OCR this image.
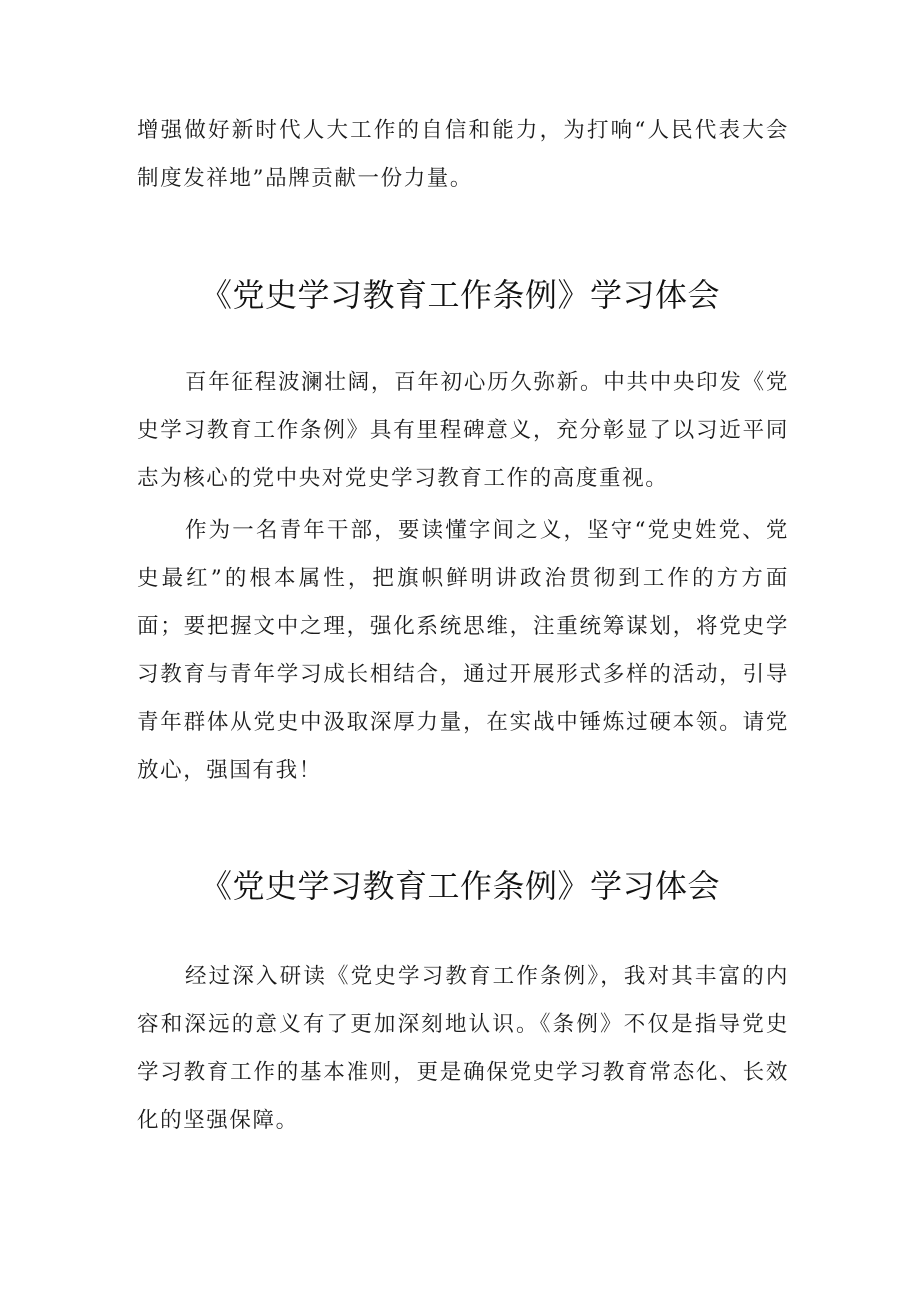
增强做好新时代人大工作的自信和能力，为打响“人民代表大会制度发祥地”品牌贡献一份力量。

《党史学习教育工作条例》学习体会

百年征程波澜壮阔，百年初心历久弥新。中共中央印发《党史学习教育工作条例》具有里程碑意义，充分彰显了以习近平同志为核心的党中央对党史学习教育工作的高度重视。

作为一名青年干部，要读懂字间之义，坚守“党史姓党、党史最红”的根本属性，把旗帜鲜明讲政治贯彻到工作的方方面面；要把握文中之理，强化系统思维，注重统筹谋划，将党史学习教育与青年学习成长相结合，通过开展形式多样的活动，引导青年群体从党史中汲取深厚力量，在实战中锤炼过硬本领。请党放心，强国有我！

《党史学习教育工作条例》学习体会

经过深入研读《党史学习教育工作条例》，我对其丰富的内容和深远的意义有了更加深刻地认识。《条例》不仅是指导党史学习教育工作的基本准则，更是确保党史学习教育常态化、长效化的坚强保障。
